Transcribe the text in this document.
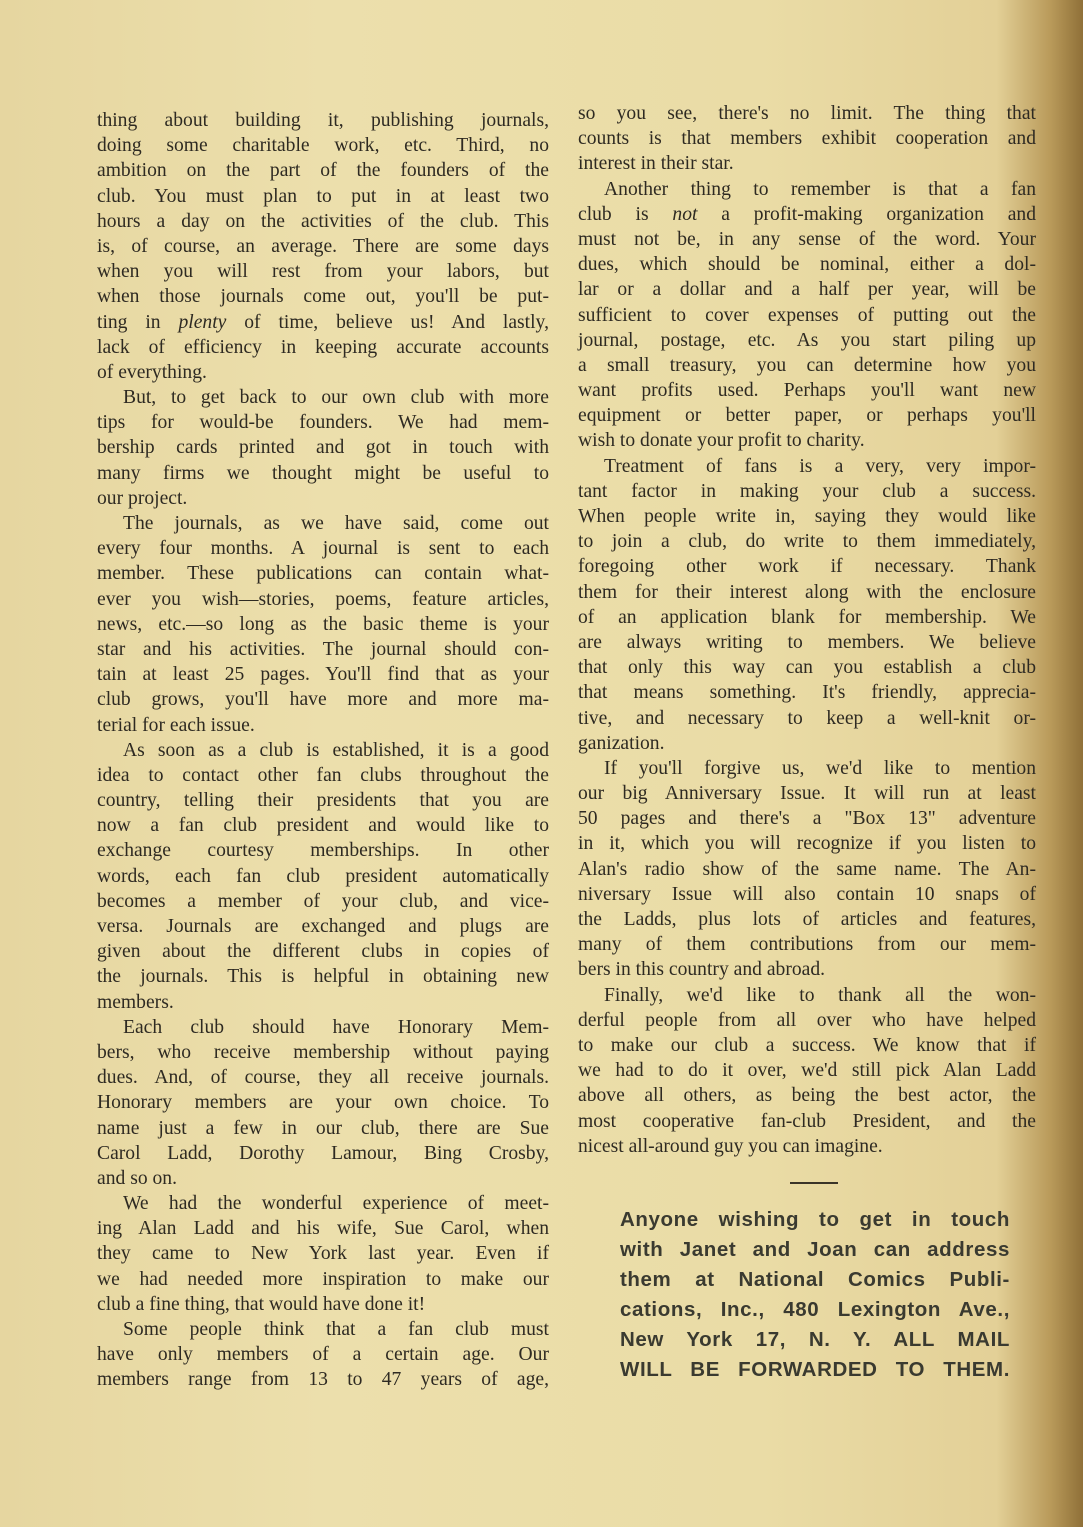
thing about building it, publishing journals,
doing some charitable work, etc. Third, no
ambition on the part of the founders of the
club. You must plan to put in at least two
hours a day on the activities of the club. This
is, of course, an average. There are some days
when you will rest from your labors, but
when those journals come out, you'll be put-
ting in plenty of time, believe us! And lastly,
lack of efficiency in keeping accurate accounts
of everything.
But, to get back to our own club with more
tips for would-be founders. We had mem-
bership cards printed and got in touch with
many firms we thought might be useful to
our project.
The journals, as we have said, come out
every four months. A journal is sent to each
member. These publications can contain what-
ever you wish—stories, poems, feature articles,
news, etc.—so long as the basic theme is your
star and his activities. The journal should con-
tain at least 25 pages. You'll find that as your
club grows, you'll have more and more ma-
terial for each issue.
As soon as a club is established, it is a good
idea to contact other fan clubs throughout the
country, telling their presidents that you are
now a fan club president and would like to
exchange courtesy memberships. In other
words, each fan club president automatically
becomes a member of your club, and vice-
versa. Journals are exchanged and plugs are
given about the different clubs in copies of
the journals. This is helpful in obtaining new
members.
Each club should have Honorary Mem-
bers, who receive membership without paying
dues. And, of course, they all receive journals.
Honorary members are your own choice. To
name just a few in our club, there are Sue
Carol Ladd, Dorothy Lamour, Bing Crosby,
and so on.
We had the wonderful experience of meet-
ing Alan Ladd and his wife, Sue Carol, when
they came to New York last year. Even if
we had needed more inspiration to make our
club a fine thing, that would have done it!
Some people think that a fan club must
have only members of a certain age. Our
members range from 13 to 47 years of age,
so you see, there's no limit. The thing that
counts is that members exhibit cooperation and
interest in their star.
Another thing to remember is that a fan
club is not a profit-making organization and
must not be, in any sense of the word. Your
dues, which should be nominal, either a dol-
lar or a dollar and a half per year, will be
sufficient to cover expenses of putting out the
journal, postage, etc. As you start piling up
a small treasury, you can determine how you
want profits used. Perhaps you'll want new
equipment or better paper, or perhaps you'll
wish to donate your profit to charity.
Treatment of fans is a very, very impor-
tant factor in making your club a success.
When people write in, saying they would like
to join a club, do write to them immediately,
foregoing other work if necessary. Thank
them for their interest along with the enclosure
of an application blank for membership. We
are always writing to members. We believe
that only this way can you establish a club
that means something. It's friendly, apprecia-
tive, and necessary to keep a well-knit or-
ganization.
If you'll forgive us, we'd like to mention
our big Anniversary Issue. It will run at least
50 pages and there's a "Box 13" adventure
in it, which you will recognize if you listen to
Alan's radio show of the same name. The An-
niversary Issue will also contain 10 snaps of
the Ladds, plus lots of articles and features,
many of them contributions from our mem-
bers in this country and abroad.
Finally, we'd like to thank all the won-
derful people from all over who have helped
to make our club a success. We know that if
we had to do it over, we'd still pick Alan Ladd
above all others, as being the best actor, the
most cooperative fan-club President, and the
nicest all-around guy you can imagine.
Anyone wishing to get in touch
with Janet and Joan can address
them at National Comics Publi-
cations, Inc., 480 Lexington Ave.,
New York 17, N. Y. ALL MAIL
WILL BE FORWARDED TO THEM.
